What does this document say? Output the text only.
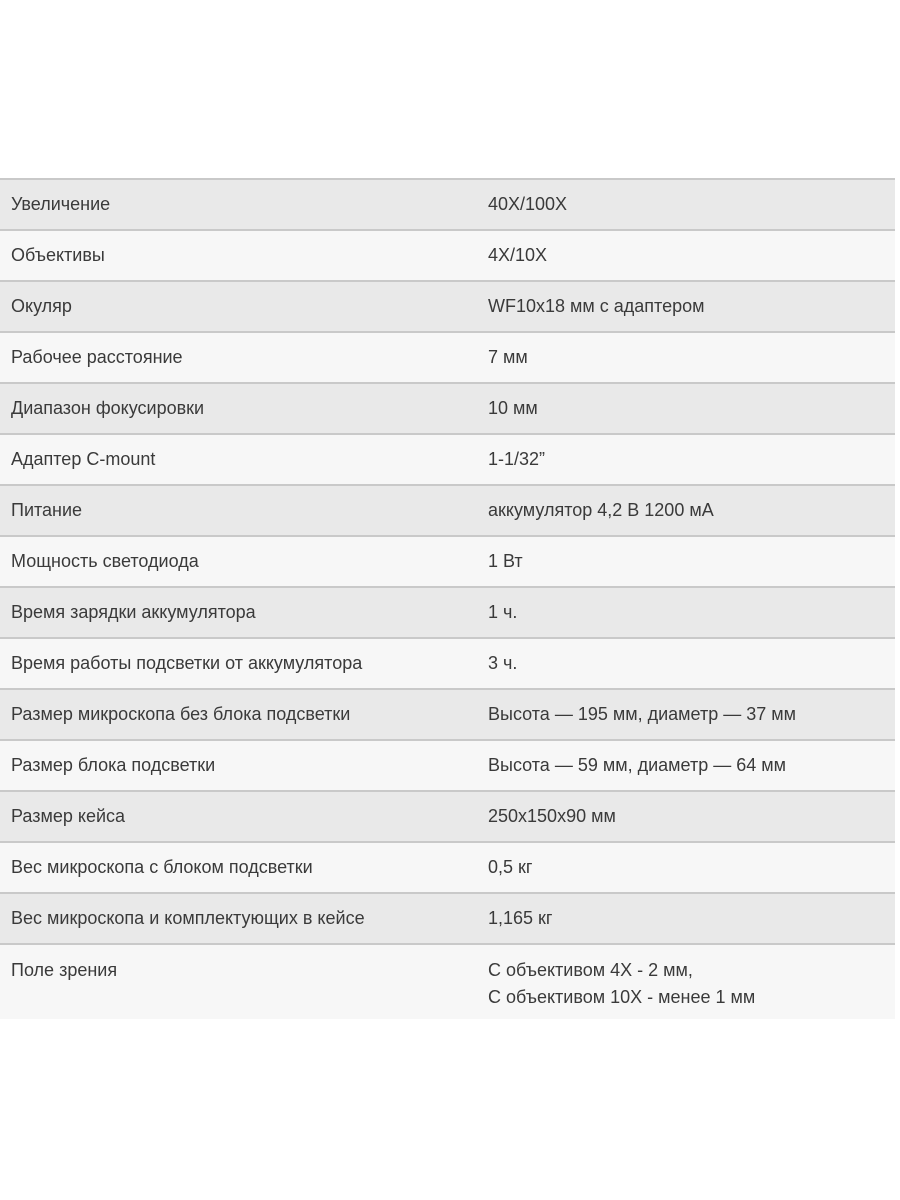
Увеличение	40X/100X
Объективы	4X/10X
Окуляр	WF10x18 мм с адаптером
Рабочее расстояние	7 мм
Диапазон фокусировки	10 мм
Адаптер C-mount	1-1/32”
Питание	аккумулятор 4,2 В 1200 мА
Мощность светодиода	1 Вт
Время зарядки аккумулятора	1 ч.
Время работы подсветки от аккумулятора	3 ч.
Размер микроскопа без блока подсветки	Высота — 195 мм, диаметр — 37 мм
Размер блока подсветки	Высота — 59 мм, диаметр — 64 мм
Размер кейса	250x150x90 мм
Вес микроскопа с блоком подсветки	0,5 кг
Вес микроскопа и комплектующих в кейсе	1,165 кг
Поле зрения	С объективом 4X - 2 мм,
С объективом 10X - менее 1 мм
